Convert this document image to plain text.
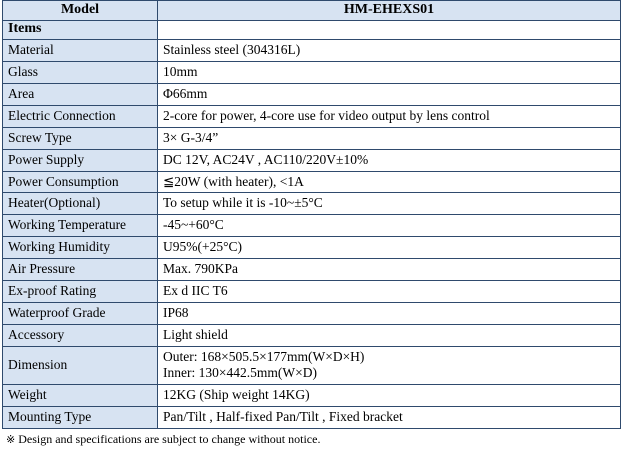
Model	HM-EHEXS01
Items	
Material	Stainless steel (304316L)
Glass	10mm
Area	Φ66mm
Electric Connection	2-core for power, 4-core use for video output by lens control
Screw Type	3× G-3/4”
Power Supply	DC 12V, AC24V , AC110/220V±10%
Power Consumption	≦20W (with heater), <1A
Heater(Optional)	To setup while it is -10~±5°C
Working Temperature	-45~+60°C
Working Humidity	U95%(+25°C)
Air Pressure	Max. 790KPa
Ex-proof Rating	Ex d IIC T6
Waterproof Grade	IP68
Accessory	Light shield
Dimension	Outer: 168×505.5×177mm(W×D×H)
Inner: 130×442.5mm(W×D)

Weight	12KG (Ship weight 14KG)
Mounting Type	Pan/Tilt , Half-fixed Pan/Tilt , Fixed bracket

※ Design and specifications are subject to change without notice.
